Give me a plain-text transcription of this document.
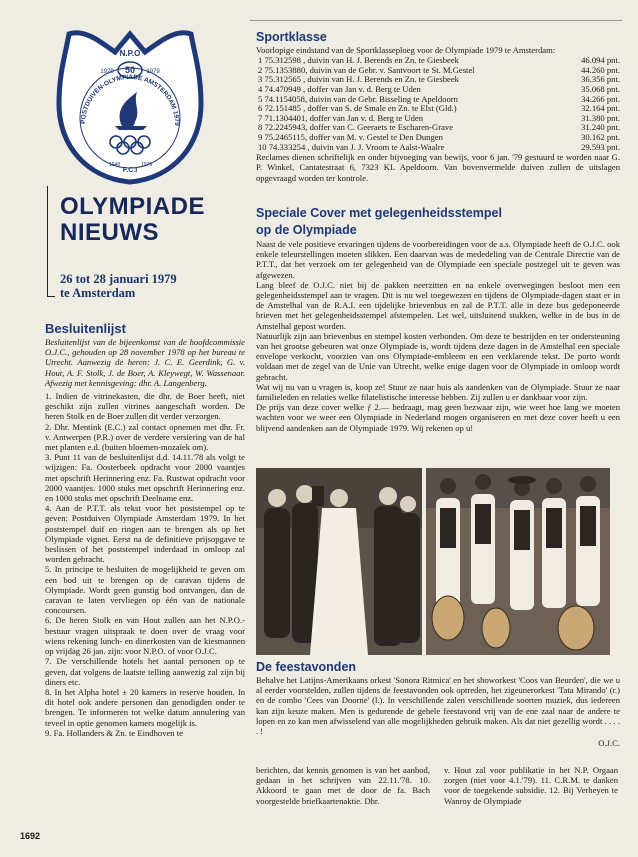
N.P.O
50
1929	1979
POSTDUIVEN-OLYMPIADE AMSTERDAM 1979
1948
F.C.I
1979
OLYMPIADE
NIEUWS
26 tot 28 januari 1979
te Amsterdam
Besluitenlijst

Besluitenlijst van de bijeenkomst van de hoofdcommissie O.J.C., gehouden op 28 november 1978 op het bureau te Utrecht. Aanwezig de heren: J. C. E. Geerdink, G. v. Hout, A. F. Stolk, J. de Boer, A. Kleywegt, W. Wassenaar. Afwezig met kennisgeving: dhr. A. Langenberg.

1. Indien de vitrinekasten, die dhr. de Boer heeft, niet geschikt zijn zullen vitrines aangeschaft worden. De heren Stolk en de Boer zullen dit verder verzorgen.

2. Dhr. Mentink (E.C.) zal contact opnemen met dhr. Fr. v. Antwerpen (P.R.) over de verdere versiering van de hal met planten e.d. (buiten bloemen-mozaïek om).

3. Punt 11 van de besluitenlijst d.d. 14.11.'78 als volgt te wijzigen: Fa. Oosterbeek opdracht voor 2000 vaantjes met opschrift Herinnering enz. Fa. Rustwat opdracht voor 2000 vaantjes. 1000 stuks met opschrift Herinnering enz. en 1000 stuks met opschrift Deelname enz.

4. Aan de P.T.T. als tekst voor het poststempel op te geven: Postduiven Olympiade Amsterdam 1979. In het poststempel duif en ringen aan te brengen als op het Olympiade vignet. Eerst na de definitieve prijsopgave te beslissen of het poststempel inderdaad in omloop zal worden gebracht.

5. In principe te besluiten de mogelijkheid te geven om een bod uit te brengen op de caravan tijdens de Olympiade. Wordt geen gunstig bod ontvangen, dan de caravan te laten vervliegen op één van de nationale concoursen.

6. De heren Stolk en van Hout zullen aan het N.P.O.-bestuur vragen uitspraak te doen over de vraag voor wiens rekening lunch- en dinerkosten van de kiesmannen op vrijdag 26 jan. zijn: voor N.P.O. of voor O.J.C.

7. De verschillende hotels het aantal personen op te geven, dat volgens de laatste telling aanwezig zal zijn bij diners etc.

8. In het Alpha hotel ± 20 kamers in reserve houden. In dit hotel ook andere personen dan genodigden onder te brengen. Te informeren tot welke datum annulering van teveel in optie genomen kamers mogelijk is.

9. Fa. Hollanders & Zn. te Eindhoven te

Sportklasse

Voorlopige eindstand van de Sportklasseploeg voor de Olympiade 1979 te Amsterdam:

1 75.312598 , duivin van H. J. Berends en Zn. te Giesbeek	46.094 pnt.
2 75.1353880, duivin van de Gebr. v. Santvoort te St. M.Gestel	44.260 pnt.
3 75.312565 , duivin van H. J. Berends en Zn. te Giesbeek	36.356 pnt.
4 74.470949 , doffer van Jan v. d. Berg te Uden	35.068 pnt.
5 74.1154058, duivin van de Gebr. Bisseling te Apeldoorn	34.266 pnt.
6 72.151485 , doffer van S. de Smale en Zn. te Elst (Gld.)	32.164 pnt.
7 71.1304401, doffer van Jan v. d. Berg te Uden	31.380 pnt.
8 72.2245943, doffer van C. Geeraets te Escharen-Grave	31.240 pnt.
9 75.2465115, doffer van M. v. Gestel te Den Dungen	30.162 pnt.
10 74.333254 , duivin van J. J. Vroom te Aalst-Waalre	29.593 pnt.

Reclames dienen schriftelijk en onder bijvoeging van bewijs, voor 6 jan. '79 gestuurd te worden naar G. P. Winkel, Cantatestraat 6, 7323 KL Apeldoorn. Van bovenvermelde duiven zullen de uitslagen opgevraagd worden ter kontrole.

Speciale Cover met gelegenheidsstempel
op de Olympiade

Naast de vele positieve ervaringen tijdens de voorbereidingen voor de a.s. Olympiade heeft de O.J.C. ook enkele teleurstellingen moeten slikken. Een daarvan was de mededeling van de Centrale Directie van de P.T.T., dat het verzoek om ter gelegenheid van de Olympiade een speciale postzegel uit te geven was afgewezen.

Lang bleef de O.J.C. niet bij de pakken neerzitten en na enkele overwegingen besloot men een gelegenheidsstempel aan te vragen. Dit is nu wel toegewezen en tijdens de Olympiade-dagen staat er in de Amstelhal van de R.A.I. een tijdelijke brievenbus en zal de P.T.T. alle in deze bus gedeponeerde brieven met het gelegenheidsstempel afstempelen. Let wel, uitsluitend stukken, welke in de bus in de Amstelhal gepost worden.

Natuurlijk zijn aan brievenbus en stempel kosten verbonden. Om deze te bestrijden en ter ondersteuning van het grootse gebeuren wat onze Olympiade is, wordt tijdens deze dagen in de Amstelhal een speciale envelope verkocht, voorzien van ons Olympiade-embleem en een verklarende tekst. De porto wordt voldaan met de zegel van de Unie van Utrecht, welke enige dagen voor de Olympiade in omloop wordt gebracht.

Wat wij nu van u vragen is, koop ze! Stuur ze naar huis als aandenken van de Olympiade. Stuur ze naar familieleden en relaties welke filatelistische interesse hebben. Zij zullen u er dankbaar voor zijn.

De prijs van deze cover welke ƒ 2.— bedraagt, mag geen bezwaar zijn, wie weet hoe lang we moeten wachten voor we weer een Olympiade in Nederland mogen organiseren en met deze cover heeft u een blijvend aandenken aan de Olympiade 1979. Wij rekenen op u!

De feestavonden

Behalve het Latijns-Amerikaans orkest 'Sonora Ritmica' en het showorkest 'Coos van Beurden', die we u al eerder voorstelden, zullen tijdens de feestavonden ook optreden, het zigeunerorkest 'Tata Mirando' (r.) en de combo 'Cees van Doorne' (l.). In verschillende zalen verschillende soorten muziek, dus iedereen kan zijn keuze maken. Men is gedurende de gehele feestavond vrij van de ene zaal naar de andere te lopen en zo kan men afwisselend van alle mogelijkheden gebruik maken. Als dat niet gezellig wordt . . . . . !

O.J.C.

berichten, dat kennis genomen is van het aanbod, gedaan in het schrijven van 22.11.'78. 10. Akkoord te gaan met de door de fa. Bach voorgestelde briefkaartenaktie. Dhr.

v. Hout zal voor publikatie in het N.P. Orgaan zorgen (niet voor 4.1.'79). 11. C.R.M. te danken voor de toegekende subsidie. 12. Bij Verheyen te Wanroy de Olympiade

1692
